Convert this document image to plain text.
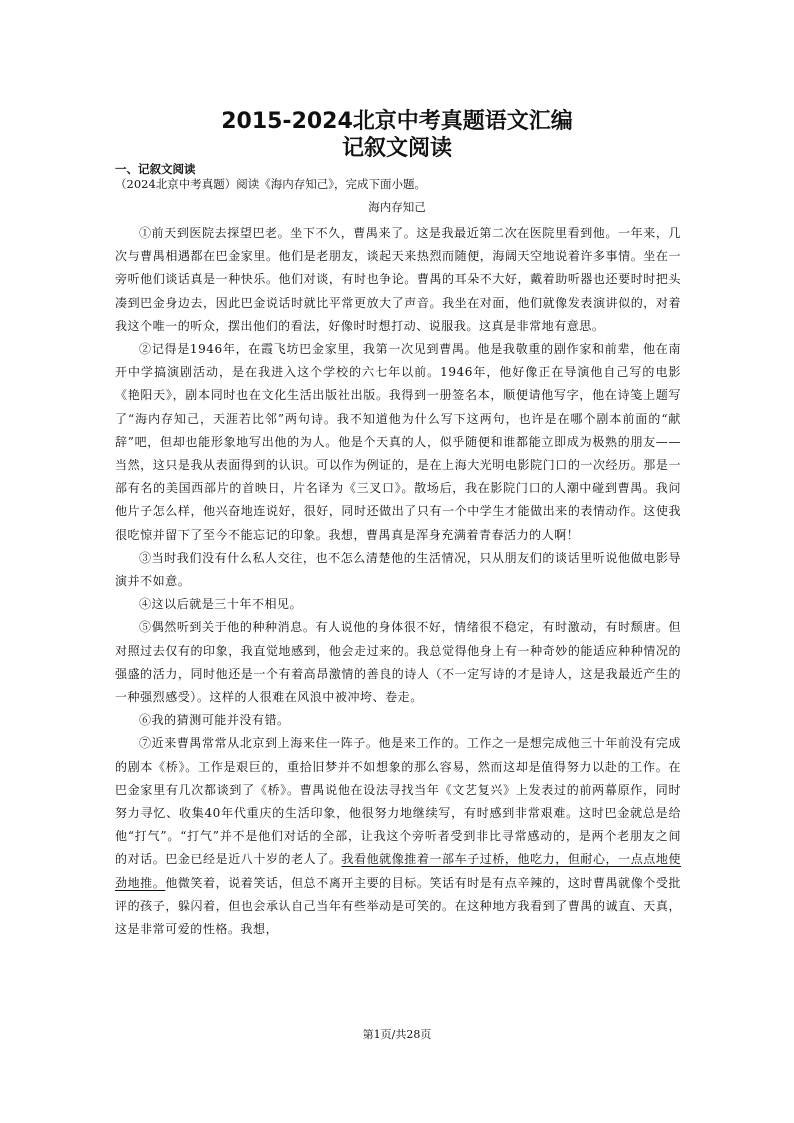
2015-2024北京中考真题语文汇编
记叙文阅读

一、记叙文阅读

（2024北京中考真题）阅读《海内存知己》，完成下面小题。

海内存知己

①前天到医院去探望巴老。坐下不久，曹禺来了。这是我最近第二次在医院里看到他。一年来，几次与曹禺相遇都在巴金家里。他们是老朋友，谈起天来热烈而随便，海阔天空地说着许多事情。坐在一旁听他们谈话真是一种快乐。他们对谈，有时也争论。曹禺的耳朵不大好，戴着助听器也还要时时把头凑到巴金身边去，因此巴金说话时就比平常更放大了声音。我坐在对面，他们就像发表演讲似的，对着我这个唯一的听众，摆出他们的看法，好像时时想打动、说服我。这真是非常地有意思。

②记得是1946年，在霞飞坊巴金家里，我第一次见到曹禺。他是我敬重的剧作家和前辈，他在南开中学搞演剧活动，是在我进入这个学校的六七年以前。1946年，他好像正在导演他自己写的电影《艳阳天》，剧本同时也在文化生活出版社出版。我得到一册签名本，顺便请他写字，他在诗笺上题写了“海内存知己，天涯若比邻”两句诗。我不知道他为什么写下这两句，也许是在哪个剧本前面的“献辞”吧，但却也能形象地写出他的为人。他是个天真的人，似乎随便和谁都能立即成为极熟的朋友——当然，这只是我从表面得到的认识。可以作为例证的，是在上海大光明电影院门口的一次经历。那是一部有名的美国西部片的首映日，片名译为《三叉口》。散场后，我在影院门口的人潮中碰到曹禺。我问他片子怎么样，他兴奋地连说好，很好，同时还做出了只有一个中学生才能做出来的表情动作。这使我很吃惊并留下了至今不能忘记的印象。我想，曹禺真是浑身充满着青春活力的人啊！

③当时我们没有什么私人交往，也不怎么清楚他的生活情况，只从朋友们的谈话里听说他做电影导演并不如意。

④这以后就是三十年不相见。

⑤偶然听到关于他的种种消息。有人说他的身体很不好，情绪很不稳定，有时激动，有时颓唐。但对照过去仅有的印象，我直觉地感到，他会走过来的。我总觉得他身上有一种奇妙的能适应种种情况的强盛的活力，同时他还是一个有着高昂激情的善良的诗人（不一定写诗的才是诗人，这是我最近产生的一种强烈感受）。这样的人很难在风浪中被冲垮、卷走。

⑥我的猜测可能并没有错。

⑦近来曹禺常常从北京到上海来住一阵子。他是来工作的。工作之一是想完成他三十年前没有完成的剧本《桥》。工作是艰巨的，重拾旧梦并不如想象的那么容易，然而这却是值得努力以赴的工作。在巴金家里有几次都谈到了《桥》。曹禺说他在设法寻找当年《文艺复兴》上发表过的前两幕原作，同时努力寻忆、收集40年代重庆的生活印象，他很努力地继续写，有时感到非常艰难。这时巴金就总是给他“打气”。“打气”并不是他们对话的全部，让我这个旁听者受到非比寻常感动的，是两个老朋友之间的对话。巴金已经是近八十岁的老人了。我看他就像推着一部车子过桥，他吃力，但耐心，一点点地使劲地推。他微笑着，说着笑话，但总不离开主要的目标。笑话有时是有点辛辣的，这时曹禺就像个受批评的孩子，躲闪着，但也会承认自己当年有些举动是可笑的。在这种地方我看到了曹禺的诚直、天真，这是非常可爱的性格。我想，

第1页/共28页
